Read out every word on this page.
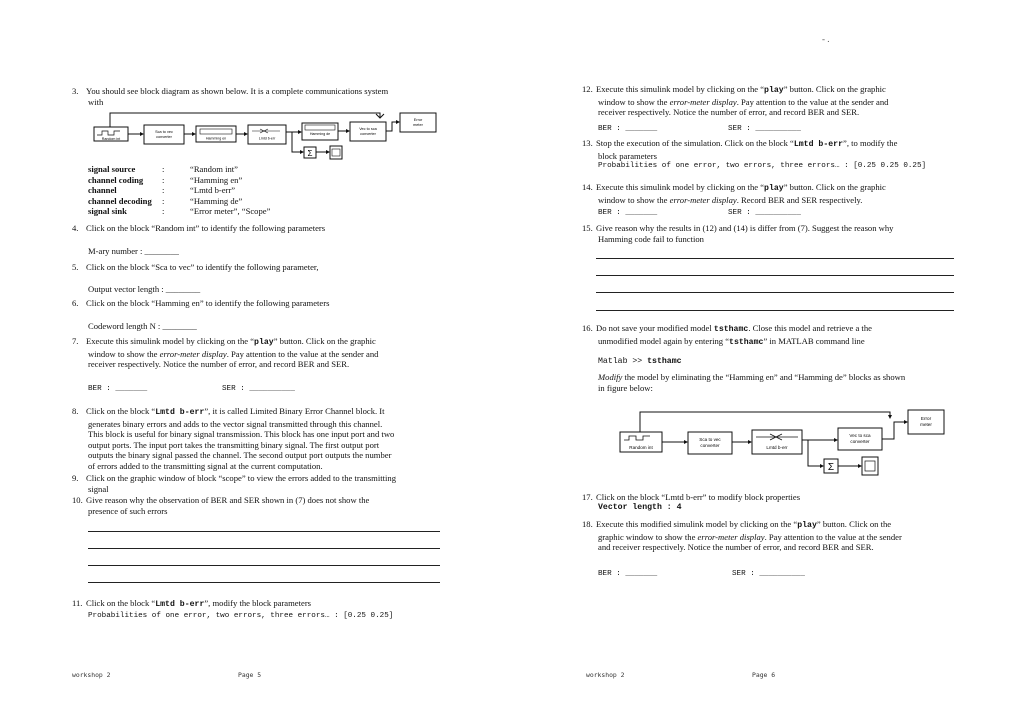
3. You should see block diagram as shown below. It is a complete communications system
with
Random int
Sca to vec
converter	Hamming en	Lmtd b-err
Hamming de
Vec to sca
converter
Error
meter
Σ
signal source	:	“Random int”
channel coding	:	“Hamming en”
channel	:	“Lmtd b-err”
channel decoding	:	“Hamming de”
signal sink	:	“Error meter”, “Scope”
4. Click on the block “Random int” to identify the following parameters
M-ary number : ________
5. Click on the block “Sca to vec” to identify the following parameter,
Output vector length : ________
6. Click on the block “Hamming en” to identify the following parameters
Codeword length N : ________
7. Execute this simulink model by clicking on the “play” button. Click on the graphic
window to show the error-meter display. Pay attention to the value at the sender and
receiver respectively. Notice the number of error, and record BER and SER.
BER : _______	SER : __________
8. Click on the block “Lmtd b-err”, it is called Limited Binary Error Channel block. It
generates binary errors and adds to the vector signal transmitted through this channel.
This block is useful for binary signal transmission. This block has one input port and two
output ports. The input port takes the transmitting binary signal. The first output port
outputs the binary signal passed the channel. The second output port outputs the number
of errors added to the transmitting signal at the current computation.
9. Click on the graphic window of block “scope” to view the errors added to the transmitting
signal
10. Give reason why the observation of BER and SER shown in (7) does not show the
presence of such errors
11. Click on the block “Lmtd b-err”, modify the block parameters
Probabilities of one error, two errors, three errors… : [0.25 0.25]
workshop 2	Page 5
- .
12. Execute this simulink model by clicking on the “play” button. Click on the graphic
window to show the error-meter display. Pay attention to the value at the sender and
receiver respectively. Notice the number of error, and record BER and SER.
BER : _______	SER : __________
13. Stop the execution of the simulation. Click on the block “Lmtd b-err”, to modify the
block parameters
Probabilities of one error, two errors, three errors… : [0.25 0.25 0.25]
14. Execute this simulink model by clicking on the “play” button. Click on the graphic
window to show the error-meter display. Record BER and SER respectively.
BER : _______	SER : __________
15. Give reason why the results in (12) and (14) is differ from (7). Suggest the reason why
Hamming code fail to function
16. Do not save your modified model tsthamc. Close this model and retrieve a the
unmodified model again by entering “tsthamc” in MATLAB command line
Matlab >> tsthamc
Modify the model by eliminating the “Hamming en” and “Hamming de” blocks as shown
in figure below:
Random int
Sca to vec
converter	Lmtd b-err
Vec to sca
converter
Error
meter
Σ
17. Click on the block “Lmtd b-err” to modify block properties
Vector length : 4
18. Execute this modified simulink model by clicking on the “play” button. Click on the
graphic window to show the error-meter display. Pay attention to the value at the sender
and receiver respectively. Notice the number of error, and record BER and SER.
BER : _______	SER : __________
workshop 2	Page 6
